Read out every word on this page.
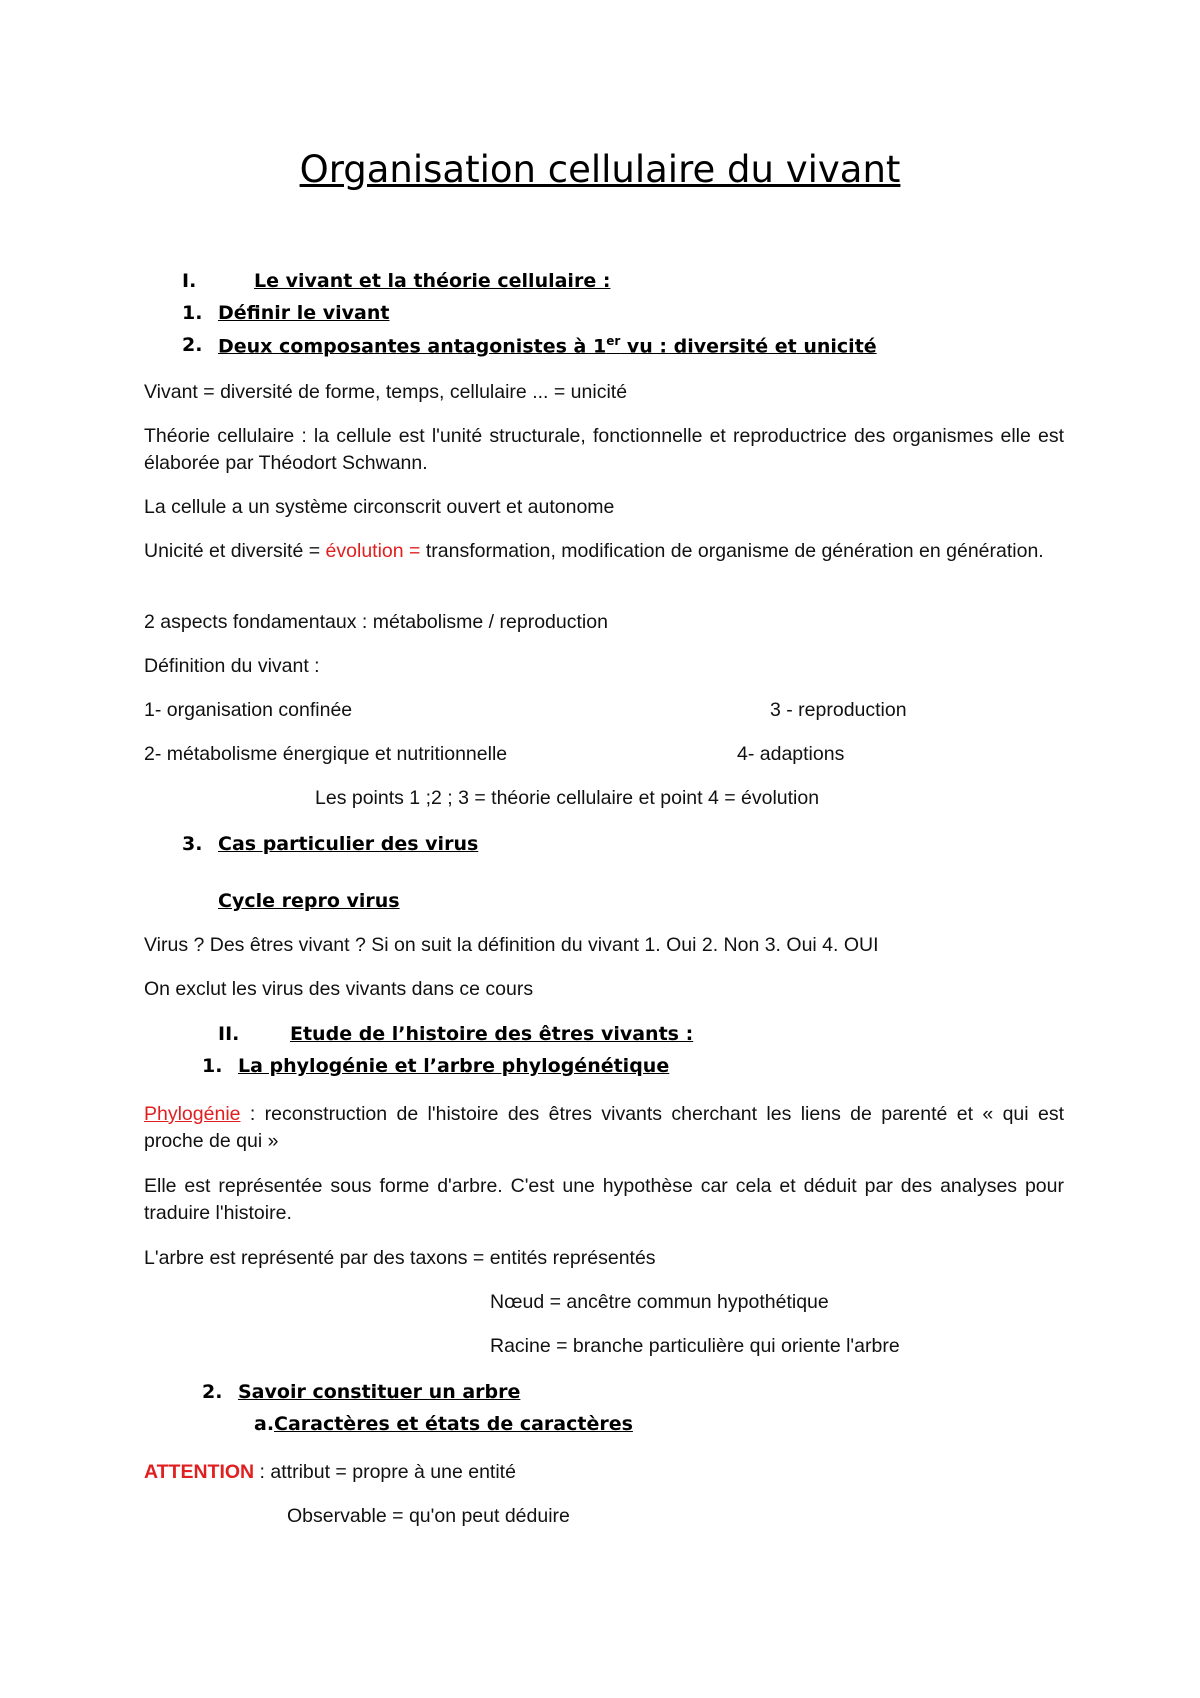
Organisation cellulaire du vivant
I.	Le vivant et la théorie cellulaire :
1. Définir le vivant
2. Deux composantes antagonistes à 1er vu : diversité et unicité
Vivant = diversité de forme, temps, cellulaire ... = unicité
Théorie cellulaire : la cellule est l'unité structurale, fonctionnelle et reproductrice des organismes elle est élaborée par Théodort Schwann.
La cellule a un système circonscrit ouvert et autonome
Unicité et diversité = évolution = transformation, modification de organisme de génération en génération.
2 aspects fondamentaux : métabolisme / reproduction
Définition du vivant :
1- organisation confinée	3 - reproduction
2- métabolisme énergique et nutritionnelle	4- adaptions
Les points 1 ;2 ; 3 = théorie cellulaire et point 4 = évolution
3. Cas particulier des virus
Cycle repro virus
Virus ? Des êtres vivant ? Si on suit la définition du vivant 1. Oui 2. Non 3. Oui 4. OUI
On exclut les virus des vivants dans ce cours
II.	Etude de l’histoire des êtres vivants :
1. La phylogénie et l’arbre phylogénétique
Phylogénie : reconstruction de l'histoire des êtres vivants cherchant les liens de parenté et « qui est proche de qui »
Elle est représentée sous forme d'arbre. C'est une hypothèse car cela et déduit par des analyses pour traduire l'histoire.
L'arbre est représenté par des taxons = entités représentés
Nœud = ancêtre commun hypothétique
Racine = branche particulière qui oriente l'arbre
2. Savoir constituer un arbre
a. Caractères et états de caractères
ATTENTION : attribut = propre à une entité
Observable = qu'on peut déduire
